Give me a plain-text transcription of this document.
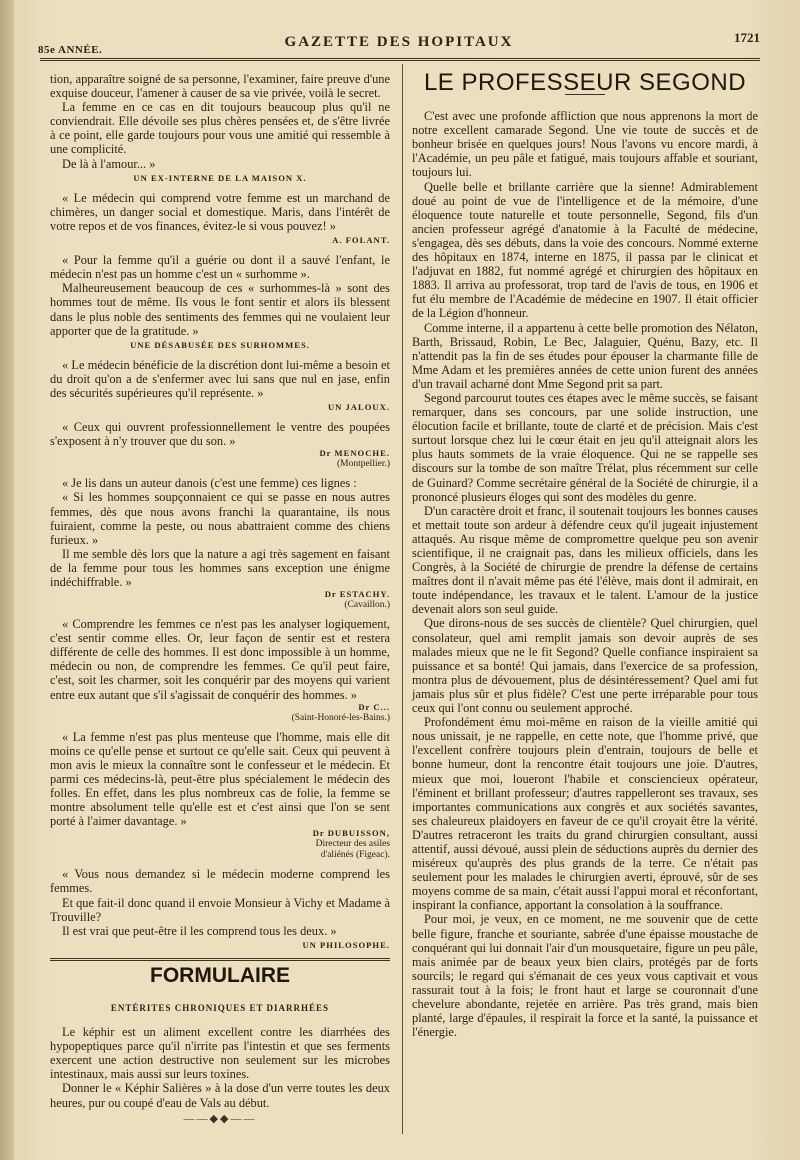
85e ANNÉE.	GAZETTE DES HOPITAUX	1721

tion, apparaître soigné de sa personne, l'examiner, faire preuve d'une exquise douceur, l'amener à causer de sa vie privée, voilà le secret.

La femme en ce cas en dit toujours beaucoup plus qu'il ne conviendrait. Elle dévoile ses plus chères pensées et, de s'être livrée à ce point, elle garde toujours pour vous une amitié qui ressemble à une complicité.

De là à l'amour... »

UN EX-INTERNE DE LA MAISON X.

« Le médecin qui comprend votre femme est un marchand de chimères, un danger social et domestique. Maris, dans l'intérêt de votre repos et de vos finances, évitez-le si vous pouvez! »

A. FOLANT.

« Pour la femme qu'il a guérie ou dont il a sauvé l'enfant, le médecin n'est pas un homme c'est un « surhomme ».

Malheureusement beaucoup de ces « surhommes-là » sont des hommes tout de même. Ils vous le font sentir et alors ils blessent dans le plus noble des sentiments des femmes qui ne voulaient leur apporter que de la gratitude. »

UNE DÉSABUSÉE DES SURHOMMES.

« Le médecin bénéficie de la discrétion dont lui-même a besoin et du droit qu'on a de s'enfermer avec lui sans que nul en jase, enfin des sécurités supérieures qu'il représente. »

UN JALOUX.

« Ceux qui ouvrent professionnellement le ventre des poupées s'exposent à n'y trouver que du son. »

Dr MENOCHE.
(Montpellier.)

« Je lis dans un auteur danois (c'est une femme) ces lignes :

« Si les hommes soupçonnaient ce qui se passe en nous autres femmes, dès que nous avons franchi la quarantaine, ils nous fuiraient, comme la peste, ou nous abattraient comme des chiens furieux. »

Il me semble dès lors que la nature a agi très sagement en faisant de la femme pour tous les hommes sans exception une énigme indéchiffrable. »

Dr ESTACHY.
(Cavaillon.)

« Comprendre les femmes ce n'est pas les analyser logiquement, c'est sentir comme elles. Or, leur façon de sentir est et restera différente de celle des hommes. Il est donc impossible à un homme, médecin ou non, de comprendre les femmes. Ce qu'il peut faire, c'est, soit les charmer, soit les conquérir par des moyens qui varient entre eux autant que s'il s'agissait de conquérir des hommes. »

Dr C...
(Saint-Honoré-les-Bains.)

« La femme n'est pas plus menteuse que l'homme, mais elle dit moins ce qu'elle pense et surtout ce qu'elle sait. Ceux qui peuvent à mon avis le mieux la connaître sont le confesseur et le médecin. Et parmi ces médecins-là, peut-être plus spécialement le médecin des folles. En effet, dans les plus nombreux cas de folie, la femme se montre absolument telle qu'elle est et c'est ainsi que l'on se sent porté à l'aimer davantage. »

Dr DUBUISSON,
Directeur des asiles
d'aliénés (Figeac).

« Vous nous demandez si le médecin moderne comprend les femmes.

Et que fait-il donc quand il envoie Monsieur à Vichy et Madame à Trouville?

Il est vrai que peut-être il les comprend tous les deux. »

UN PHILOSOPHE.
FORMULAIRE
ENTÉRITES CHRONIQUES ET DIARRHÉES

Le képhir est un aliment excellent contre les diarrhées des hypopeptiques parce qu'il n'irrite pas l'intestin et que ses ferments exercent une action destructive non seulement sur les microbes intestinaux, mais aussi sur leurs toxines.

Donner le « Képhir Salières » à la dose d'un verre toutes les deux heures, pur ou coupé d'eau de Vals au début.

——◆◆——
LE PROFESSEUR SEGOND

C'est avec une profonde affliction que nous apprenons la mort de notre excellent camarade Segond. Une vie toute de succès et de bonheur brisée en quelques jours! Nous l'avons vu encore mardi, à l'Académie, un peu pâle et fatigué, mais toujours affable et souriant, toujours lui.

Quelle belle et brillante carrière que la sienne! Admirablement doué au point de vue de l'intelligence et de la mémoire, d'une éloquence toute naturelle et toute personnelle, Segond, fils d'un ancien professeur agrégé d'anatomie à la Faculté de médecine, s'engagea, dès ses débuts, dans la voie des concours. Nommé externe des hôpitaux en 1874, interne en 1875, il passa par le clinicat et l'adjuvat en 1882, fut nommé agrégé et chirurgien des hôpitaux en 1883. Il arriva au professorat, trop tard de l'avis de tous, en 1906 et fut élu membre de l'Académie de médecine en 1907. Il était officier de la Légion d'honneur.

Comme interne, il a appartenu à cette belle promotion des Nélaton, Barth, Brissaud, Robin, Le Bec, Jalaguier, Quénu, Bazy, etc. Il n'attendit pas la fin de ses études pour épouser la charmante fille de Mme Adam et les premières années de cette union furent des années d'un travail acharné dont Mme Segond prit sa part.

Segond parcourut toutes ces étapes avec le même succès, se faisant remarquer, dans ses concours, par une solide instruction, une élocution facile et brillante, toute de clarté et de précision. Mais c'est surtout lorsque chez lui le cœur était en jeu qu'il atteignait alors les plus hauts sommets de la vraie éloquence. Qui ne se rappelle ses discours sur la tombe de son maître Trélat, plus récemment sur celle de Guinard? Comme secrétaire général de la Société de chirurgie, il a prononcé plusieurs éloges qui sont des modèles du genre.

D'un caractère droit et franc, il soutenait toujours les bonnes causes et mettait toute son ardeur à défendre ceux qu'il jugeait injustement attaqués. Au risque même de compromettre quelque peu son avenir scientifique, il ne craignait pas, dans les milieux officiels, dans les Congrès, à la Société de chirurgie de prendre la défense de certains maîtres dont il n'avait même pas été l'élève, mais dont il admirait, en toute indépendance, les travaux et le talent. L'amour de la justice devenait alors son seul guide.

Que dirons-nous de ses succès de clientèle? Quel chirurgien, quel consolateur, quel ami remplit jamais son devoir auprès de ses malades mieux que ne le fit Segond? Quelle confiance inspiraient sa puissance et sa bonté! Qui jamais, dans l'exercice de sa profession, montra plus de dévouement, plus de désintéressement? Quel ami fut jamais plus sûr et plus fidèle? C'est une perte irréparable pour tous ceux qui l'ont connu ou seulement approché.

Profondément ému moi-même en raison de la vieille amitié qui nous unissait, je ne rappelle, en cette note, que l'homme privé, que l'excellent confrère toujours plein d'entrain, toujours de belle et bonne humeur, dont la rencontre était toujours une joie. D'autres, mieux que moi, loueront l'habile et consciencieux opérateur, l'éminent et brillant professeur; d'autres rappelleront ses travaux, ses importantes communications aux congrès et aux sociétés savantes, ses chaleureux plaidoyers en faveur de ce qu'il croyait être la vérité. D'autres retraceront les traits du grand chirurgien consultant, aussi attentif, aussi dévoué, aussi plein de séductions auprès du dernier des miséreux qu'auprès des plus grands de la terre. Ce n'était pas seulement pour les malades le chirurgien averti, éprouvé, sûr de ses moyens comme de sa main, c'était aussi l'appui moral et réconfortant, inspirant la confiance, apportant la consolation à la souffrance.

Pour moi, je veux, en ce moment, ne me souvenir que de cette belle figure, franche et souriante, sabrée d'une épaisse moustache de conquérant qui lui donnait l'air d'un mousquetaire, figure un peu pâle, mais animée par de beaux yeux bien clairs, protégés par de forts sourcils; le regard qui s'émanait de ces yeux vous captivait et vous rassurait tout à la fois; le front haut et large se couronnait d'une chevelure abondante, rejetée en arrière. Pas très grand, mais bien planté, large d'épaules, il respirait la force et la santé, la puissance et l'énergie.
